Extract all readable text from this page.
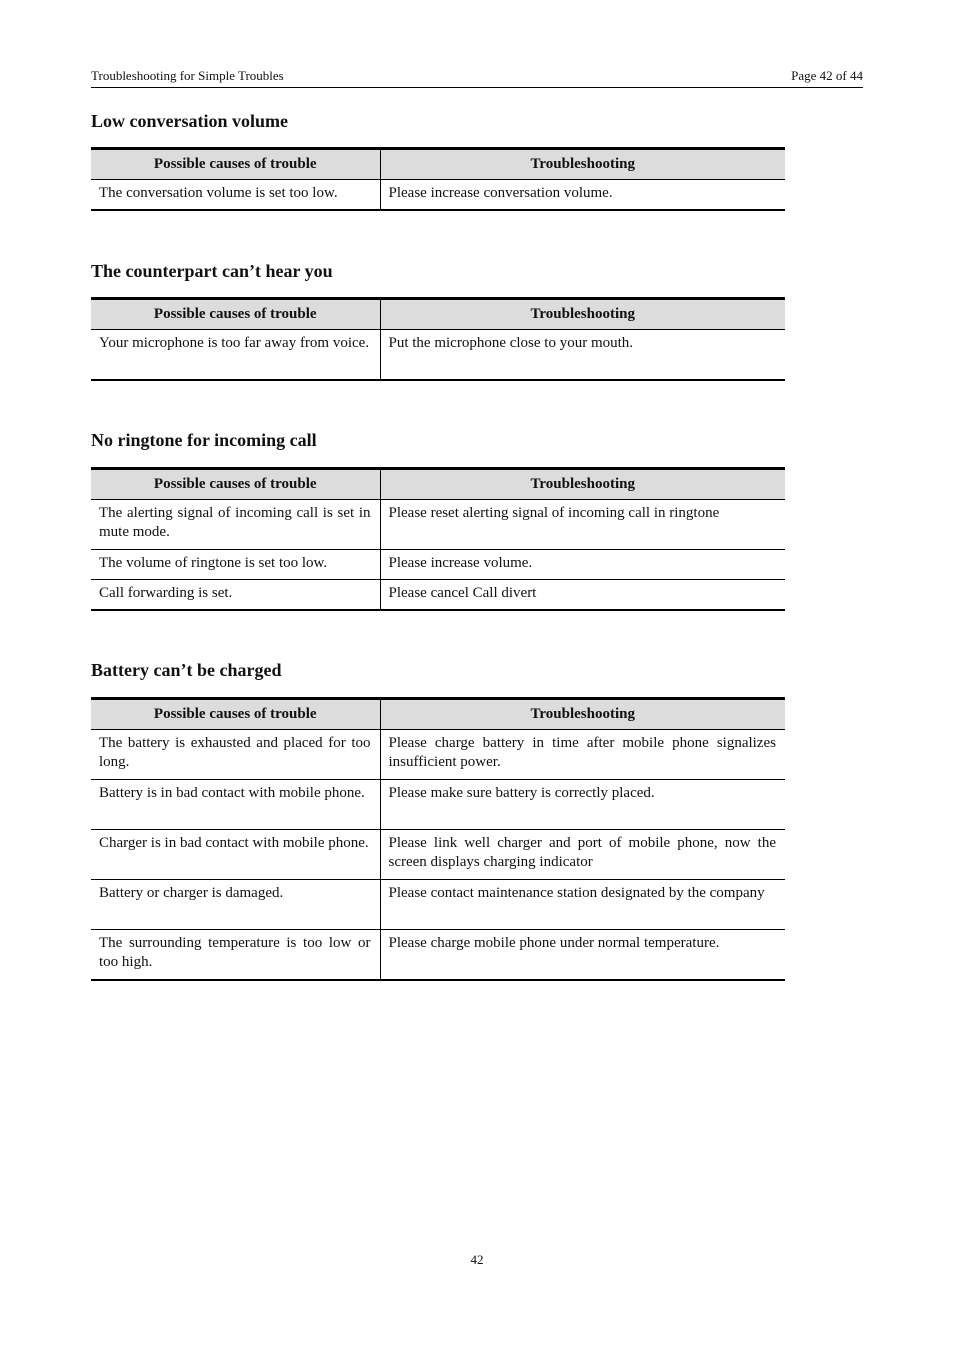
Troubleshooting for Simple Troubles	Page 42 of 44
Low conversation volume
Possible causes of trouble	Troubleshooting
The conversation volume is set too low.	Please increase conversation volume.
The counterpart can’t hear you
Possible causes of trouble	Troubleshooting
Your microphone is too far away from voice.	Put the microphone close to your mouth.
No ringtone for incoming call
Possible causes of trouble	Troubleshooting
The alerting signal of incoming call is set in mute mode.	Please reset alerting signal of incoming call in ringtone
The volume of ringtone is set too low.	Please increase volume.
Call forwarding is set.	Please cancel Call divert
Battery can’t be charged
Possible causes of trouble	Troubleshooting
The battery is exhausted and placed for too long.	Please charge battery in time after mobile phone signalizes insufficient power.
Battery is in bad contact with mobile phone.	Please make sure battery is correctly placed.
Charger is in bad contact with mobile phone.	Please link well charger and port of mobile phone, now the screen displays charging indicator
Battery or charger is damaged.	Please contact maintenance station designated by the company
The surrounding temperature is too low or too high.	Please charge mobile phone under normal temperature.
42
